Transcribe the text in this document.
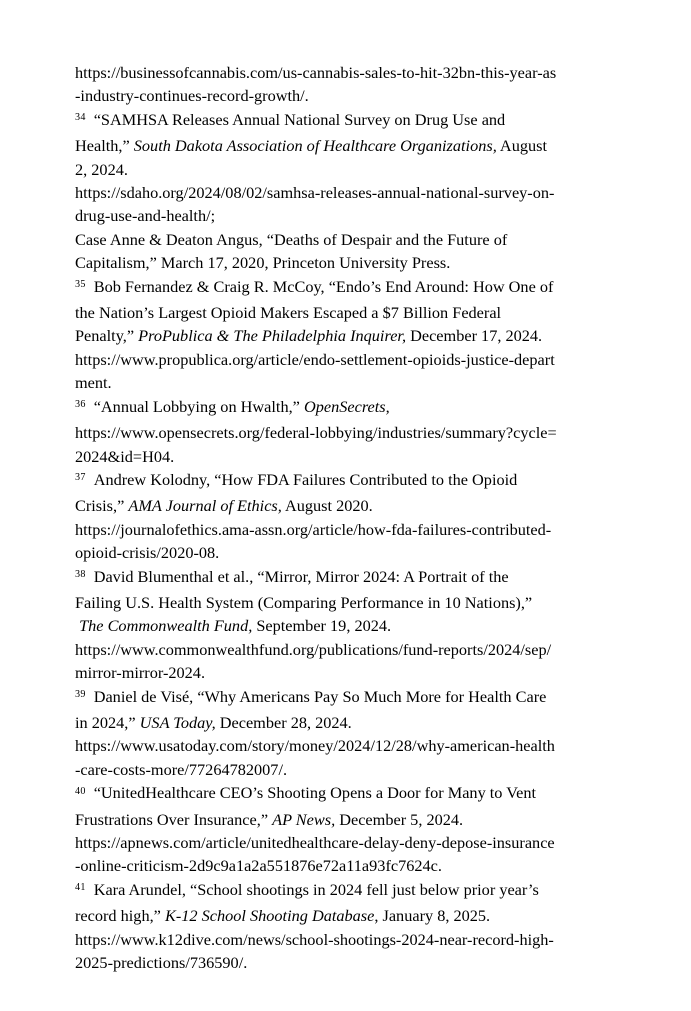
https://businessofcannabis.com/us-cannabis-sales-to-hit-32bn-this-year-as
-industry-continues-record-growth/.
$^{34}$ “SAMHSA Releases Annual National Survey on Drug Use and
Health,” South Dakota Association of Healthcare Organizations, August
2, 2024.
https://sdaho.org/2024/08/02/samhsa-releases-annual-national-survey-on-
drug-use-and-health/;
Case Anne & Deaton Angus, “Deaths of Despair and the Future of
Capitalism,” March 17, 2020, Princeton University Press.
$^{35}$ Bob Fernandez & Craig R. McCoy, “Endo’s End Around: How One of
the Nation’s Largest Opioid Makers Escaped a $7 Billion Federal
Penalty,” ProPublica & The Philadelphia Inquirer, December 17, 2024.
https://www.propublica.org/article/endo-settlement-opioids-justice-depart
ment.
$^{36}$ “Annual Lobbying on Hwalth,” OpenSecrets,
https://www.opensecrets.org/federal-lobbying/industries/summary?cycle=
2024&id=H04.
$^{37}$ Andrew Kolodny, “How FDA Failures Contributed to the Opioid
Crisis,” AMA Journal of Ethics, August 2020.
https://journalofethics.ama-assn.org/article/how-fda-failures-contributed-
opioid-crisis/2020-08.
$^{38}$ David Blumenthal et al., “Mirror, Mirror 2024: A Portrait of the
Failing U.S. Health System (Comparing Performance in 10 Nations),”
The Commonwealth Fund, September 19, 2024.
https://www.commonwealthfund.org/publications/fund-reports/2024/sep/
mirror-mirror-2024.
$^{39}$ Daniel de Visé, “Why Americans Pay So Much More for Health Care
in 2024,” USA Today, December 28, 2024.
https://www.usatoday.com/story/money/2024/12/28/why-american-health
-care-costs-more/77264782007/.
$^{40}$ “UnitedHealthcare CEO’s Shooting Opens a Door for Many to Vent
Frustrations Over Insurance,” AP News, December 5, 2024.
https://apnews.com/article/unitedhealthcare-delay-deny-depose-insurance
-online-criticism-2d9c9a1a2a551876e72a11a93fc7624c.
$^{41}$ Kara Arundel, “School shootings in 2024 fell just below prior year’s
record high,” K-12 School Shooting Database, January 8, 2025.
https://www.k12dive.com/news/school-shootings-2024-near-record-high-
2025-predictions/736590/.
